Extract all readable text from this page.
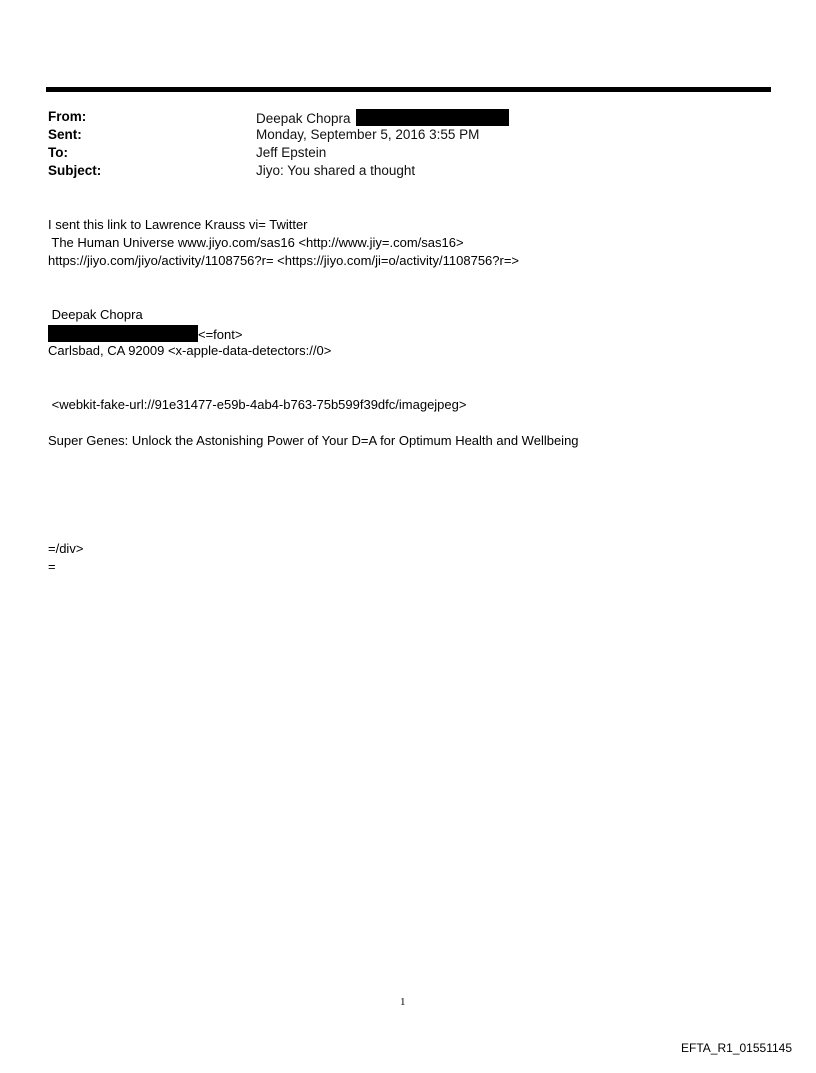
From:	Deepak Chopra
Sent:	Monday, September 5, 2016 3:55 PM
To:	Jeff Epstein
Subject:	Jiyo: You shared a thought
I sent this link to Lawrence Krauss vi= Twitter
The Human Universe www.jiyo.com/sas16 <http://www.jiy=.com/sas16>
https://jiyo.com/jiyo/activity/1108756?r= <https://jiyo.com/ji=o/activity/1108756?r=>
Deepak Chopra
<=font>
Carlsbad, CA 92009 <x-apple-data-detectors://0>
<webkit-fake-url://91e31477-e59b-4ab4-b763-75b599f39dfc/imagejpeg>
Super Genes: Unlock the Astonishing Power of Your D=A for Optimum Health and Wellbeing
=/div>
=
1
EFTA_R1_01551145
